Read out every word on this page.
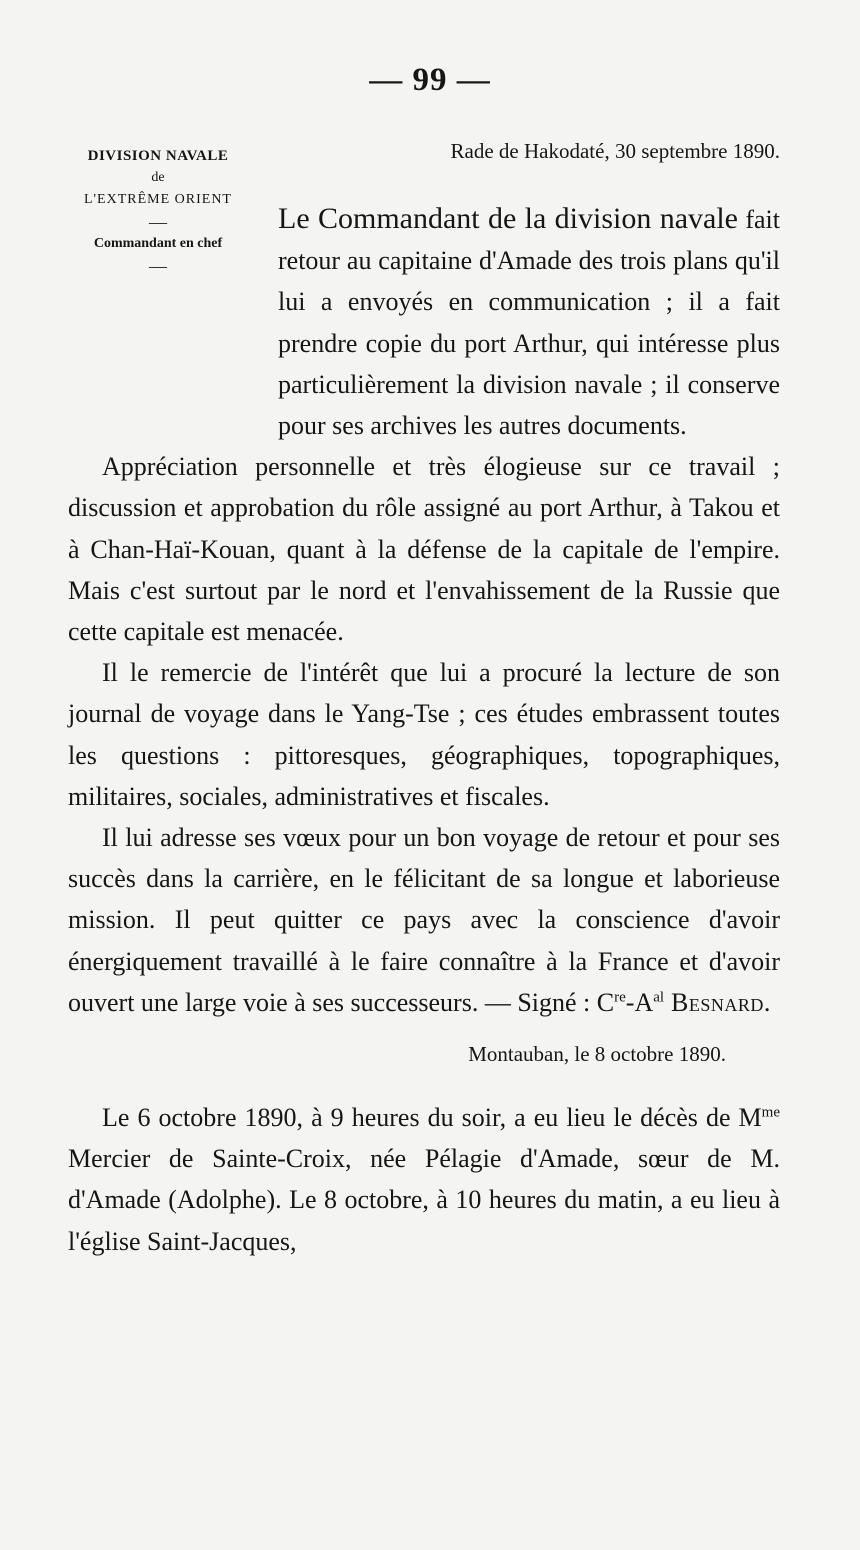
— 99 —
DIVISION NAVALE
de
L'EXTRÊME ORIENT
—
Commandant en chef
—
Rade de Hakodaté, 30 septembre 1890.

Le Commandant de la division navale fait retour au capitaine d'Amade des trois plans qu'il lui a envoyés en communication ; il a fait prendre copie du port Arthur, qui intéresse plus particulièrement la division navale ; il conserve pour ses archives les autres documents.

Appréciation personnelle et très élogieuse sur ce travail ; discussion et approbation du rôle assigné au port Arthur, à Takou et à Chan-Haï-Kouan, quant à la défense de la capitale de l'empire. Mais c'est surtout par le nord et l'envahissement de la Russie que cette capitale est menacée.

Il le remercie de l'intérêt que lui a procuré la lecture de son journal de voyage dans le Yang-Tse ; ces études embrassent toutes les questions : pittoresques, géographiques, topographiques, militaires, sociales, administratives et fiscales.

Il lui adresse ses vœux pour un bon voyage de retour et pour ses succès dans la carrière, en le félicitant de sa longue et laborieuse mission. Il peut quitter ce pays avec la conscience d'avoir énergiquement travaillé à le faire connaître à la France et d'avoir ouvert une large voie à ses successeurs. — Signé : $Cre-A^{al}$ Besnard.

Montauban, le 8 octobre 1890.

Le 6 octobre 1890, à 9 heures du soir, a eu lieu le décès de $M^{me}$ Mercier de Sainte-Croix, née Pélagie d'Amade, sœur de M. d'Amade (Adolphe). Le 8 octobre, à 10 heures du matin, a eu lieu à l'église Saint-Jacques,
